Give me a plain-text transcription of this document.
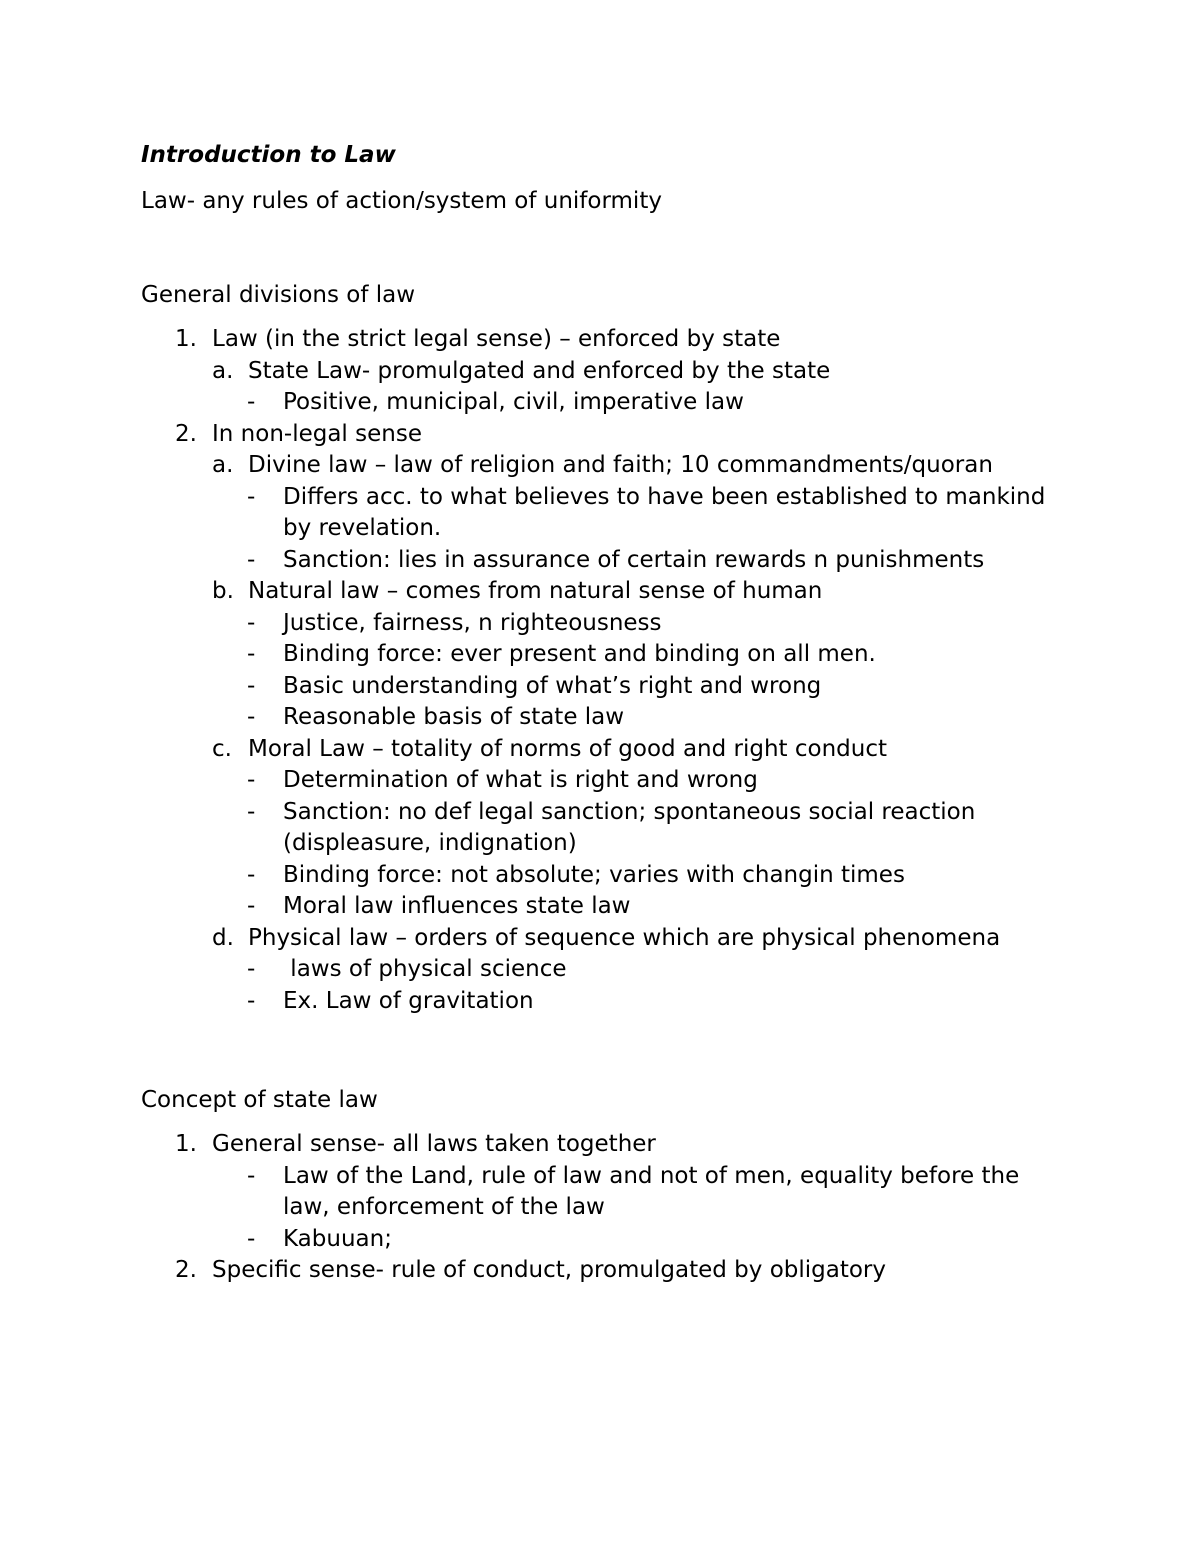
Introduction to Law

Law- any rules of action/system of uniformity

General divisions of law

1. Law (in the strict legal sense) – enforced by state
a. State Law- promulgated and enforced by the state
- Positive, municipal, civil, imperative law
2. In non-legal sense
a. Divine law – law of religion and faith; 10 commandments/quoran
- Differs acc. to what believes to have been established to mankind by revelation.
- Sanction: lies in assurance of certain rewards n punishments
b. Natural law – comes from natural sense of human
- Justice, fairness, n righteousness
- Binding force: ever present and binding on all men.
- Basic understanding of what’s right and wrong
- Reasonable basis of state law
c. Moral Law – totality of norms of good and right conduct
- Determination of what is right and wrong
- Sanction: no def legal sanction; spontaneous social reaction (displeasure, indignation)
- Binding force: not absolute; varies with changin times
- Moral law influences state law
d. Physical law – orders of sequence which are physical phenomena
- laws of physical science
- Ex. Law of gravitation

Concept of state law

1. General sense- all laws taken together
- Law of the Land, rule of law and not of men, equality before the law, enforcement of the law
- Kabuuan;
2. Specific sense- rule of conduct, promulgated by obligatory
